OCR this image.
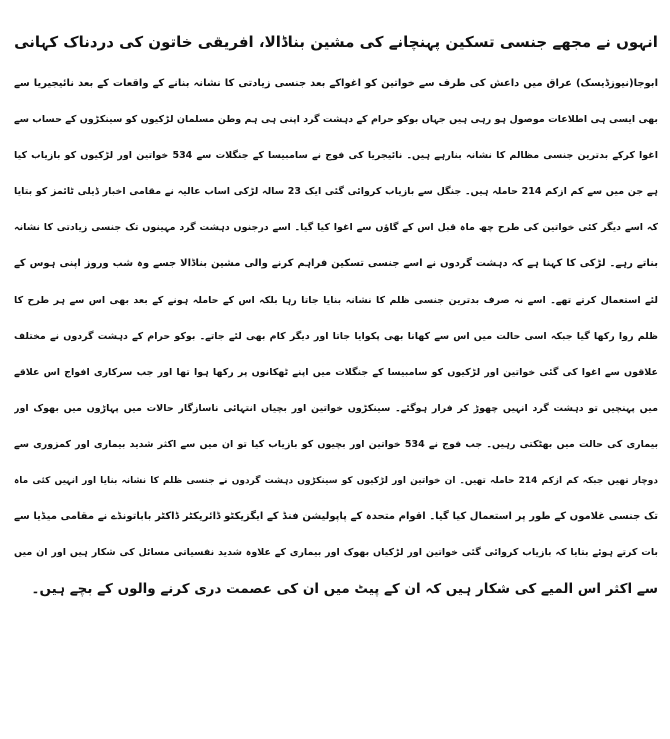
انہوں نے مجھے جنسی تسکین پہنچانے کی مشین بناڈالا، افریقی خاتون کی دردناک کہانی
ابوجا(نیوزڈیسک) عراق میں داعش کی طرف سے خواتین کو اغواکے بعد جنسی زیادتی کا نشانہ بنانے کے واقعات کے بعد نائیجیریا سے
بھی ایسی ہی اطلاعات موصول ہو رہی ہیں جہاں بوکو حرام کے دہشت گرد اپنی ہی ہم وطن مسلمان لڑکیوں کو سینکڑوں کے حساب سے
اغوا کرکے بدترین جنسی مظالم کا نشانہ بنارہے ہیں۔ نائیجریا کی فوج نے سامبیسا کے جنگلات سے 534 خواتین اور لڑکیوں کو بازیاب کیا
ہے جن میں سے کم ازکم 214 حاملہ ہیں۔ جنگل سے بازیاب کروائی گئی ایک 23 سالہ لڑکی اساب عالیہ نے مقامی اخبار ڈیلی ٹائمز کو بتایا
کہ اسے دیگر کئی خواتین کی طرح چھ ماہ قبل اس کے گاؤں سے اغوا کیا گیا۔ اسے درجنوں دہشت گرد مہینوں تک جنسی زیادتی کا نشانہ
بناتے رہے۔ لڑکی کا کہنا ہے کہ دہشت گردوں نے اسے جنسی تسکین فراہم کرنے والی مشین بناڈالا جسے وہ شب وروز اپنی ہوس کے
لئے استعمال کرتے تھے۔ اسے نہ صرف بدترین جنسی ظلم کا نشانہ بنایا جاتا رہا بلکہ اس کے حاملہ ہونے کے بعد بھی اس سے ہر طرح کا
ظلم روا رکھا گیا جبکہ اسی حالت میں اس سے کھانا بھی پکوایا جاتا اور دیگر کام بھی لئے جاتے۔ بوکو حرام کے دہشت گردوں نے مختلف
علاقوں سے اغوا کی گئی خواتین اور لڑکیوں کو سامبیسا کے جنگلات میں اپنے ٹھکانوں پر رکھا ہوا تھا اور جب سرکاری افواج اس علاقے
میں پہنچیں تو دہشت گرد انہیں چھوڑ کر فرار ہوگئے۔ سینکڑوں خواتین اور بچیاں انتہائی ناسازگار حالات میں پہاڑوں میں بھوک اور
بیماری کی حالت میں بھٹکتی رہیں۔ جب فوج نے 534 خواتین اور بچیوں کو بازیاب کیا تو ان میں سے اکثر شدید بیماری اور کمزوری سے
دوچار تھیں جبکہ کم ازکم 214 حاملہ تھیں۔ ان خواتین اور لڑکیوں کو سینکڑوں دہشت گردوں نے جنسی ظلم کا نشانہ بنایا اور انہیں کئی ماہ
تک جنسی غلاموں کے طور پر استعمال کیا گیا۔ اقوام متحدہ کے پاپولیشن فنڈ کے ایگزیکٹو ڈائریکٹر ڈاکٹر باباتونڈے نے مقامی میڈیا سے
بات کرتے ہوئے بتایا کہ بازیاب کروائی گئی خواتین اور لڑکیاں بھوک اور بیماری کے علاوہ شدید نفسیاتی مسائل کی شکار ہیں اور ان میں
سے اکثر اس المیے کی شکار ہیں کہ ان کے پیٹ میں ان کی عصمت دری کرنے والوں کے بچے ہیں۔
